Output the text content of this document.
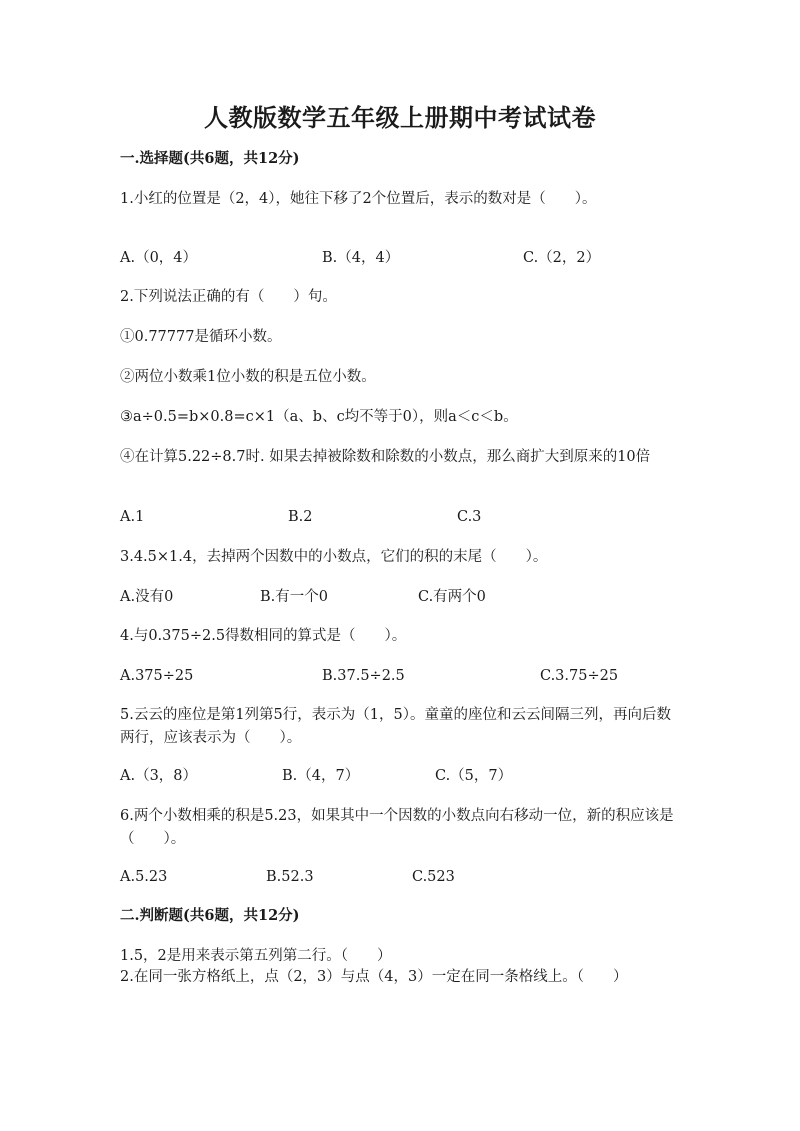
人教版数学五年级上册期中考试试卷
一.选择题(共6题，共12分)
1.小红的位置是（2，4），她往下移了2个位置后，表示的数对是（　　）。
A.（0，4）	B.（4，4）	C.（2，2）
2.下列说法正确的有（　　）句。
①0.77777是循环小数。
②两位小数乘1位小数的积是五位小数。
③a÷0.5=b×0.8=c×1（a、b、c均不等于0），则a＜c＜b。
④在计算5.22÷8.7时. 如果去掉被除数和除数的小数点，那么商扩大到原来的10倍
A.1	B.2	C.3
3.4.5×1.4，去掉两个因数中的小数点，它们的积的末尾（　　）。
A.没有0	B.有一个0	C.有两个0
4.与0.375÷2.5得数相同的算式是（　　）。
A.375÷25	B.37.5÷2.5	C.3.75÷25
5.云云的座位是第1列第5行，表示为（1，5）。童童的座位和云云间隔三列，再向后数两行，应该表示为（　　）。
A.（3，8）	B.（4，7）	C.（5，7）
6.两个小数相乘的积是5.23，如果其中一个因数的小数点向右移动一位，新的积应该是（　　）。
A.5.23	B.52.3	C.523
二.判断题(共6题，共12分)
1.5，2是用来表示第五列第二行。（　　）
2.在同一张方格纸上，点（2，3）与点（4，3）一定在同一条格线上。（　　）
